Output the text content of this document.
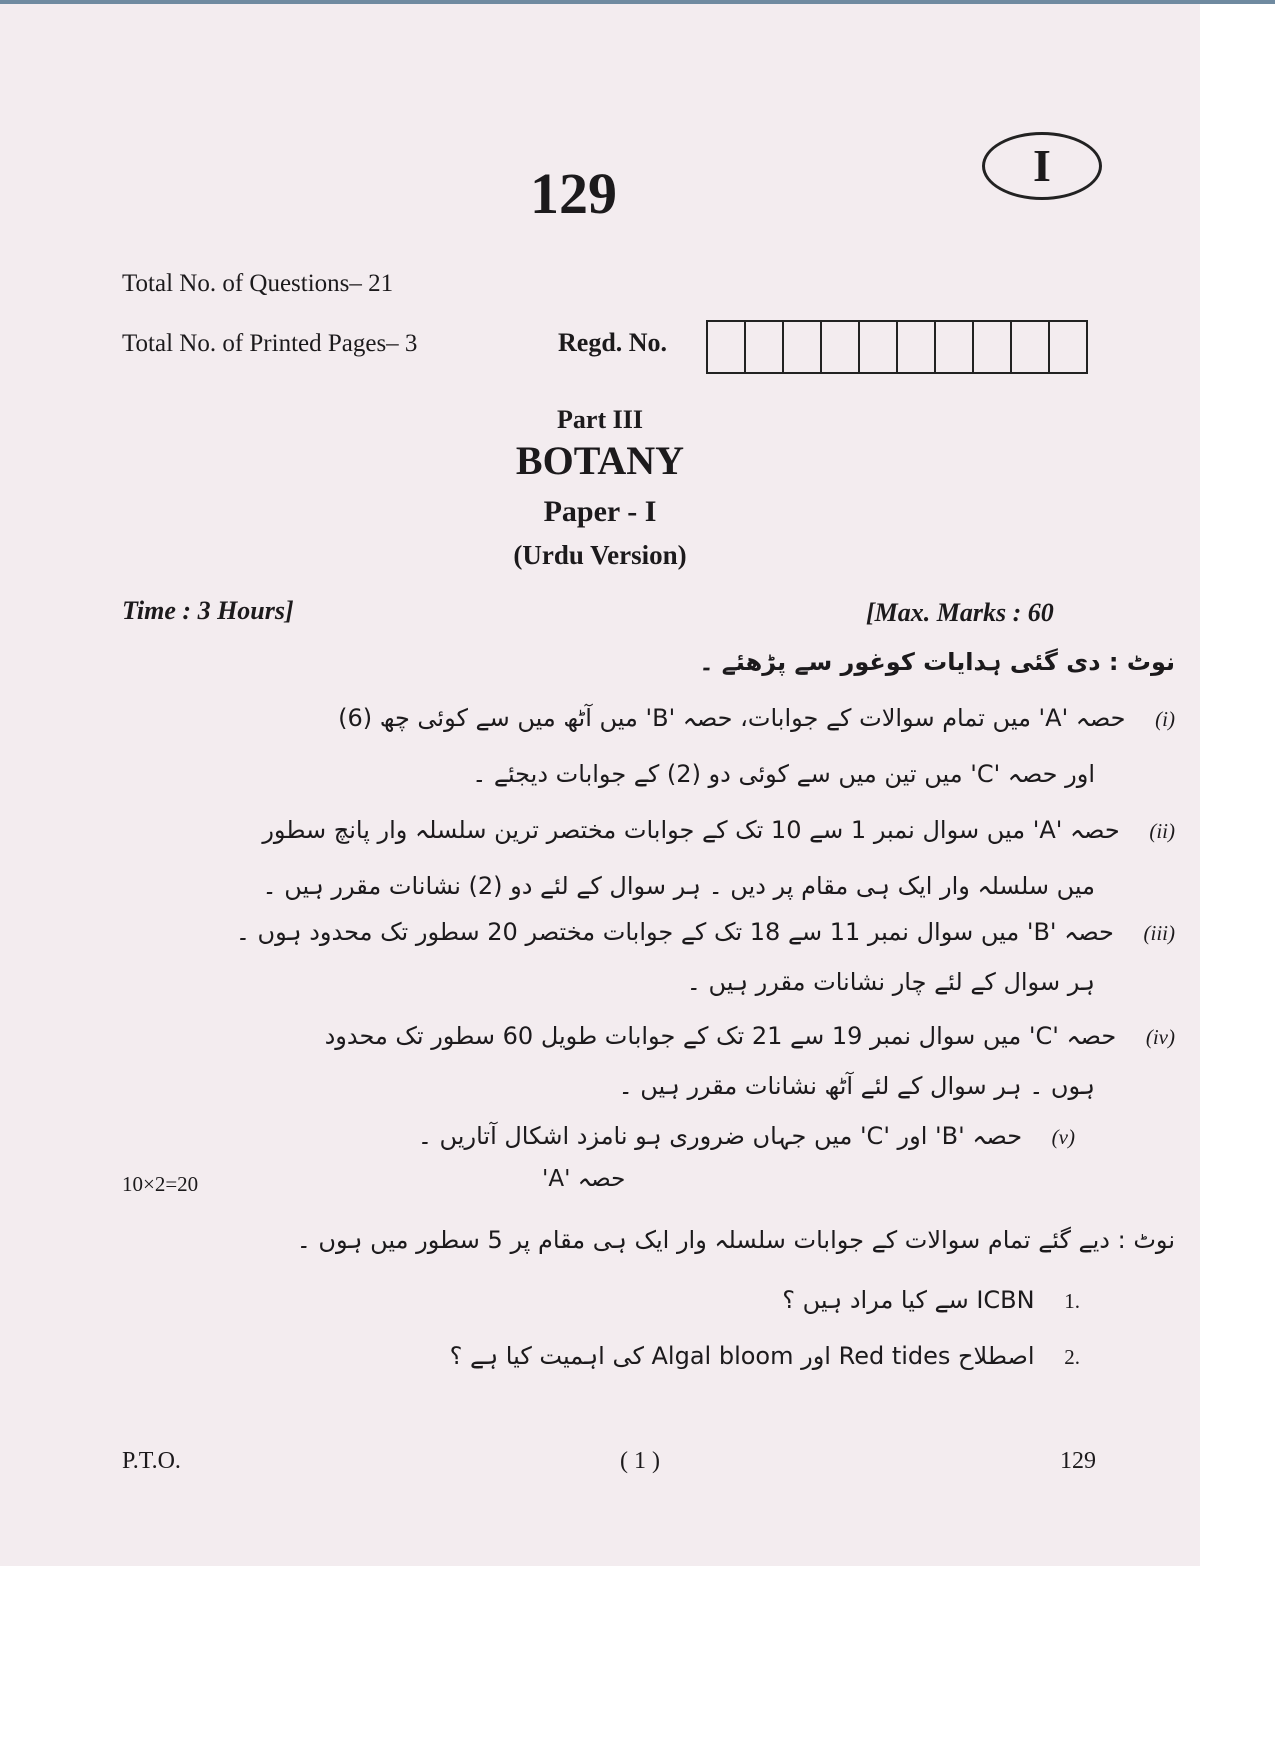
129	I
Total No. of Questions– 21
Total No. of Printed Pages– 3	Regd. No.
Part III
BOTANY
Paper - I
(Urdu Version)
Time : 3 Hours]	[Max. Marks : 60
نوٹ : دی گئی ہدایات کوغور سے پڑھئے ۔
(i) حصہ 'A' میں تمام سوالات کے جوابات، حصہ 'B' میں آٹھ میں سے کوئی چھ (6)
اور حصہ 'C' میں تین میں سے کوئی دو (2) کے جوابات دیجئے ۔
(ii) حصہ 'A' میں سوال نمبر 1 سے 10 تک کے جوابات مختصر ترین سلسلہ وار پانچ سطور
میں سلسلہ وار ایک ہی مقام پر دیں ۔ ہر سوال کے لئے دو (2) نشانات مقرر ہیں ۔
(iii) حصہ 'B' میں سوال نمبر 11 سے 18 تک کے جوابات مختصر 20 سطور تک محدود ہوں ۔
ہر سوال کے لئے چار نشانات مقرر ہیں ۔
(iv) حصہ 'C' میں سوال نمبر 19 سے 21 تک کے جوابات طویل 60 سطور تک محدود
ہوں ۔ ہر سوال کے لئے آٹھ نشانات مقرر ہیں ۔
(v) حصہ 'B' اور 'C' میں جہاں ضروری ہو نامزد اشکال آتاریں ۔
10×2=20	حصہ 'A'
نوٹ : دیے گئے تمام سوالات کے جوابات سلسلہ وار ایک ہی مقام پر 5 سطور میں ہوں ۔
.1 ICBN سے کیا مراد ہیں ؟
.2 اصطلاح Red tides اور Algal bloom کی اہمیت کیا ہے ؟
P.T.O.	( 1 )	129
